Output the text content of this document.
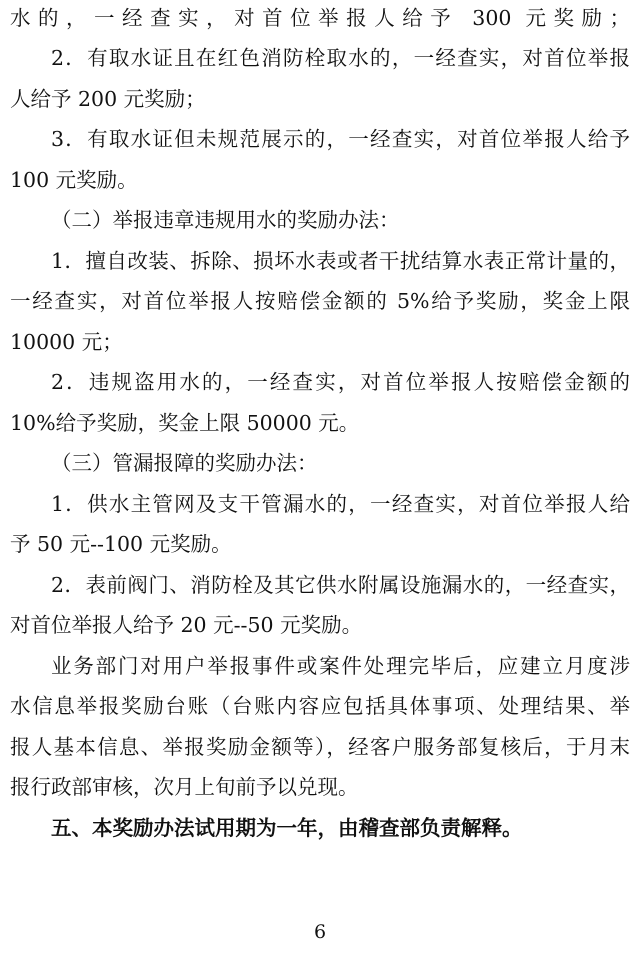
水的，一经查实，对首位举报人给予 300 元奖励；
2．有取水证且在红色消防栓取水的，一经查实，对首位举报
人给予 200 元奖励；
3．有取水证但未规范展示的，一经查实，对首位举报人给予
100 元奖励。
（二）举报违章违规用水的奖励办法：
1．擅自改装、拆除、损坏水表或者干扰结算水表正常计量的，
一经查实，对首位举报人按赔偿金额的 5%给予奖励，奖金上限
10000 元；
2．违规盗用水的，一经查实，对首位举报人按赔偿金额的
10%给予奖励，奖金上限 50000 元。
（三）管漏报障的奖励办法：
1．供水主管网及支干管漏水的，一经查实，对首位举报人给
予 50 元--100 元奖励。
2．表前阀门、消防栓及其它供水附属设施漏水的，一经查实，
对首位举报人给予 20 元--50 元奖励。
业务部门对用户举报事件或案件处理完毕后，应建立月度涉
水信息举报奖励台账（台账内容应包括具体事项、处理结果、举
报人基本信息、举报奖励金额等），经客户服务部复核后，于月末
报行政部审核，次月上旬前予以兑现。
五、本奖励办法试用期为一年，由稽查部负责解释。
6
